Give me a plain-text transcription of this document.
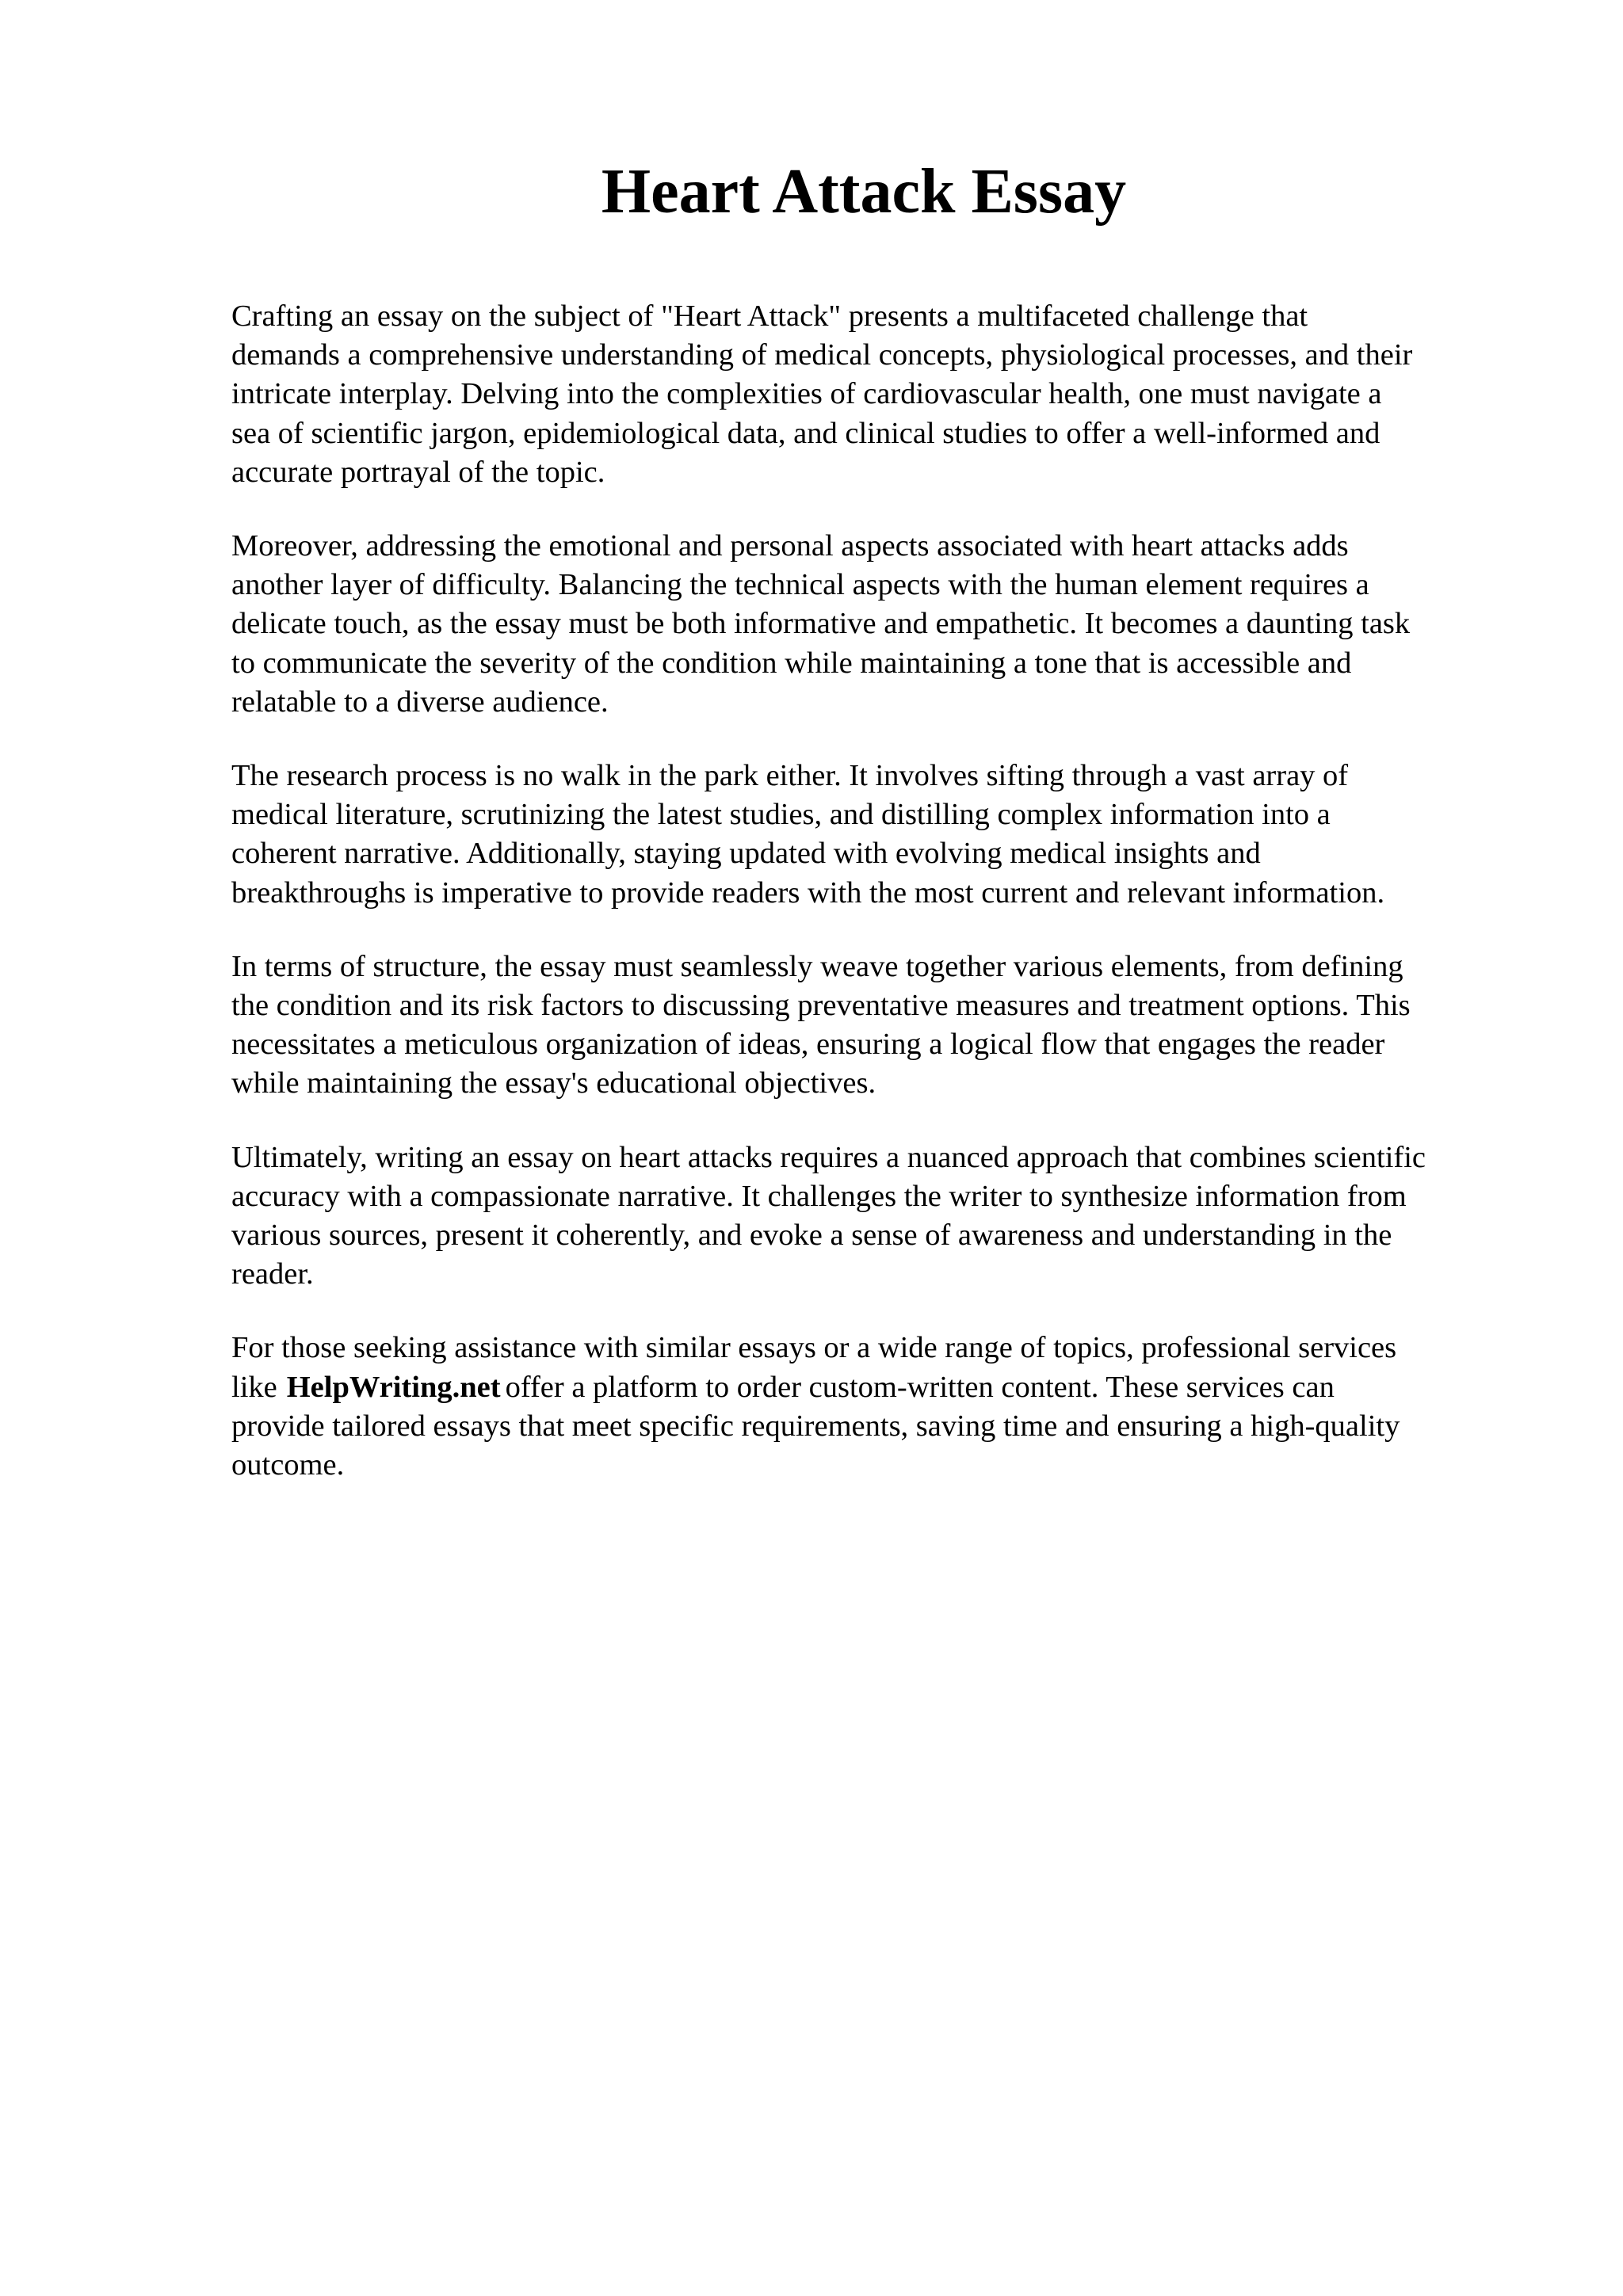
Heart Attack Essay

Crafting an essay on the subject of "Heart Attack" presents a multifaceted challenge that
demands a comprehensive understanding of medical concepts, physiological processes, and their
intricate interplay. Delving into the complexities of cardiovascular health, one must navigate a
sea of scientific jargon, epidemiological data, and clinical studies to offer a well-informed and
accurate portrayal of the topic.

Moreover, addressing the emotional and personal aspects associated with heart attacks adds
another layer of difficulty. Balancing the technical aspects with the human element requires a
delicate touch, as the essay must be both informative and empathetic. It becomes a daunting task
to communicate the severity of the condition while maintaining a tone that is accessible and
relatable to a diverse audience.

The research process is no walk in the park either. It involves sifting through a vast array of
medical literature, scrutinizing the latest studies, and distilling complex information into a
coherent narrative. Additionally, staying updated with evolving medical insights and
breakthroughs is imperative to provide readers with the most current and relevant information.

In terms of structure, the essay must seamlessly weave together various elements, from defining
the condition and its risk factors to discussing preventative measures and treatment options. This
necessitates a meticulous organization of ideas, ensuring a logical flow that engages the reader
while maintaining the essay's educational objectives.

Ultimately, writing an essay on heart attacks requires a nuanced approach that combines scientific
accuracy with a compassionate narrative. It challenges the writer to synthesize information from
various sources, present it coherently, and evoke a sense of awareness and understanding in the
reader.

For those seeking assistance with similar essays or a wide range of topics, professional services
like HelpWriting.net offer a platform to order custom-written content. These services can
provide tailored essays that meet specific requirements, saving time and ensuring a high-quality
outcome.
